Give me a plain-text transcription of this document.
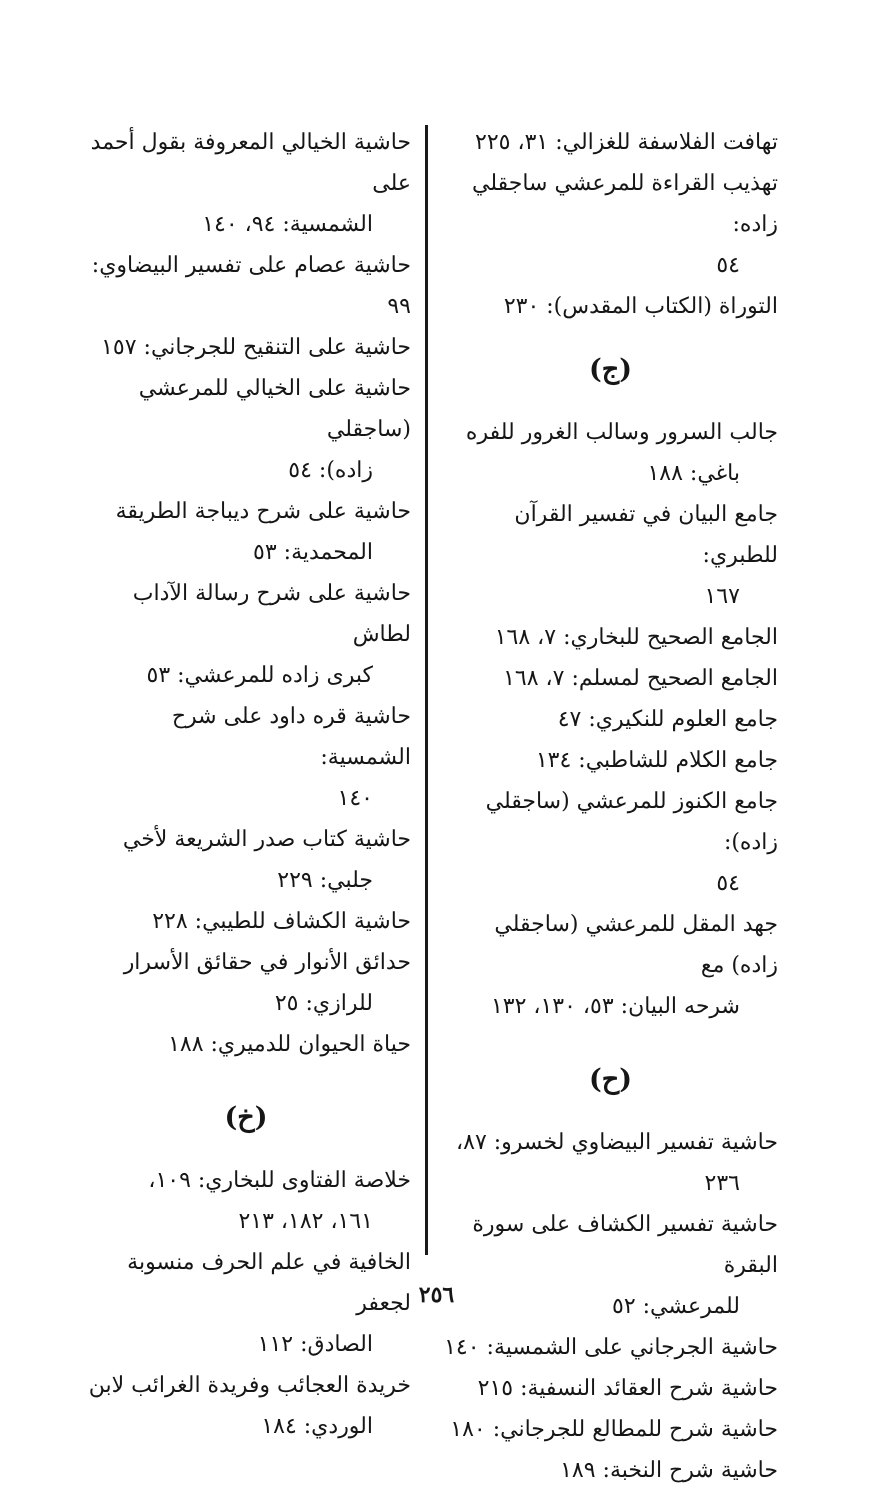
تهافت الفلاسفة للغزالي: ٣١، ٢٢٥
تهذيب القراءة للمرعشي ساجقلي زاده:
٥٤
التوراة (الكتاب المقدس): ٢٣٠
(ج)
جالب السرور وسالب الغرور للفره
باغي: ١٨٨
جامع البيان في تفسير القرآن للطبري:
١٦٧
الجامع الصحيح للبخاري: ٧، ١٦٨
الجامع الصحيح لمسلم: ٧، ١٦٨
جامع العلوم للنكيري: ٤٧
جامع الكلام للشاطبي: ١٣٤
جامع الكنوز للمرعشي (ساجقلي زاده):
٥٤
جهد المقل للمرعشي (ساجقلي زاده) مع
شرحه البيان: ٥٣، ١٣٠، ١٣٢
(ح)
حاشية تفسير البيضاوي لخسرو: ٨٧،
٢٣٦
حاشية تفسير الكشاف على سورة البقرة
للمرعشي: ٥٢
حاشية الجرجاني على الشمسية: ١٤٠
حاشية شرح العقائد النسفية: ٢١٥
حاشية شرح للمطالع للجرجاني: ١٨٠
حاشية شرح النخبة: ١٨٩
حاشية الخيالي المعروفة بقول أحمد على
الشمسية: ٩٤، ١٤٠
حاشية عصام على تفسير البيضاوي: ٩٩
حاشية على التنقيح للجرجاني: ١٥٧
حاشية على الخيالي للمرعشي (ساجقلي
زاده): ٥٤
حاشية على شرح ديباجة الطريقة
المحمدية: ٥٣
حاشية على شرح رسالة الآداب لطاش
كبرى زاده للمرعشي: ٥٣
حاشية قره داود على شرح الشمسية:
١٤٠
حاشية كتاب صدر الشريعة لأخي
جلبي: ٢٢٩
حاشية الكشاف للطيبي: ٢٢٨
حدائق الأنوار في حقائق الأسرار
للرازي: ٢٥
حياة الحيوان للدميري: ١٨٨
(خ)
خلاصة الفتاوى للبخاري: ١٠٩،
١٦١، ١٨٢، ٢١٣
الخافية في علم الحرف منسوبة لجعفر
الصادق: ١١٢
خريدة العجائب وفريدة الغرائب لابن
الوردي: ١٨٤
٢٥٦
